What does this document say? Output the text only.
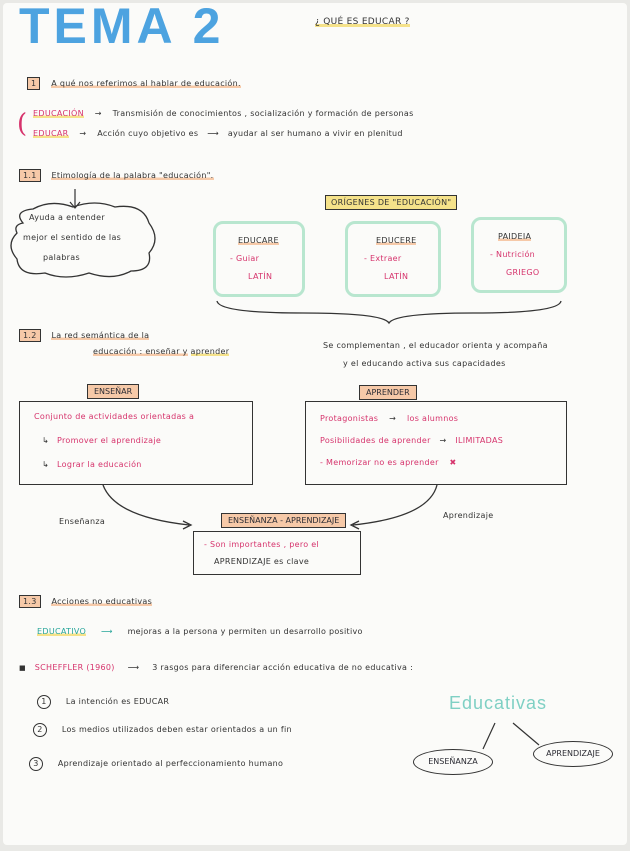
TEMA 2	¿ QUÉ ES EDUCAR ?
1 A qué nos referimos al hablar de educación.
( EDUCACIÓN → Transmisión de conocimientos , socialización y formación de personas
EDUCAR → Acción cuyo objetivo es ⟶ ayudar al ser humano a vivir en plenitud
1.1 Etimología de la palabra "educación".
Ayuda a entender
mejor el sentido de las
palabras
ORÍGENES DE "EDUCACIÓN"
EDUCARE
- Guiar
LATÍN
EDUCERE
- Extraer
LATÍN
PAIDEIA
- Nutrición
GRIEGO
1.2 La red semántica de la
educación : enseñar y aprender
Se complementan , el educador orienta y acompaña
y el educando activa sus capacidades
ENSEÑAR
Conjunto de actividades orientadas a
↳ Promover el aprendizaje
↳ Lograr la educación
APRENDER
Protagonistas → los alumnos
Posibilidades de aprender → ILIMITADAS
- Memorizar no es aprender ✖
Enseñanza
Aprendizaje
ENSEÑANZA - APRENDIZAJE
- Son importantes , pero el
APRENDIZAJE es clave
1.3 Acciones no educativas
EDUCATIVO ⟶ mejoras a la persona y permiten un desarrollo positivo
■ SCHEFFLER (1960) ⟶ 3 rasgos para diferenciar acción educativa de no educativa :
1 La intención es EDUCAR
2 Los medios utilizados deben estar orientados a un fin
3 Aprendizaje orientado al perfeccionamiento humano
Educativas
ENSEÑANZA
APRENDIZAJE
